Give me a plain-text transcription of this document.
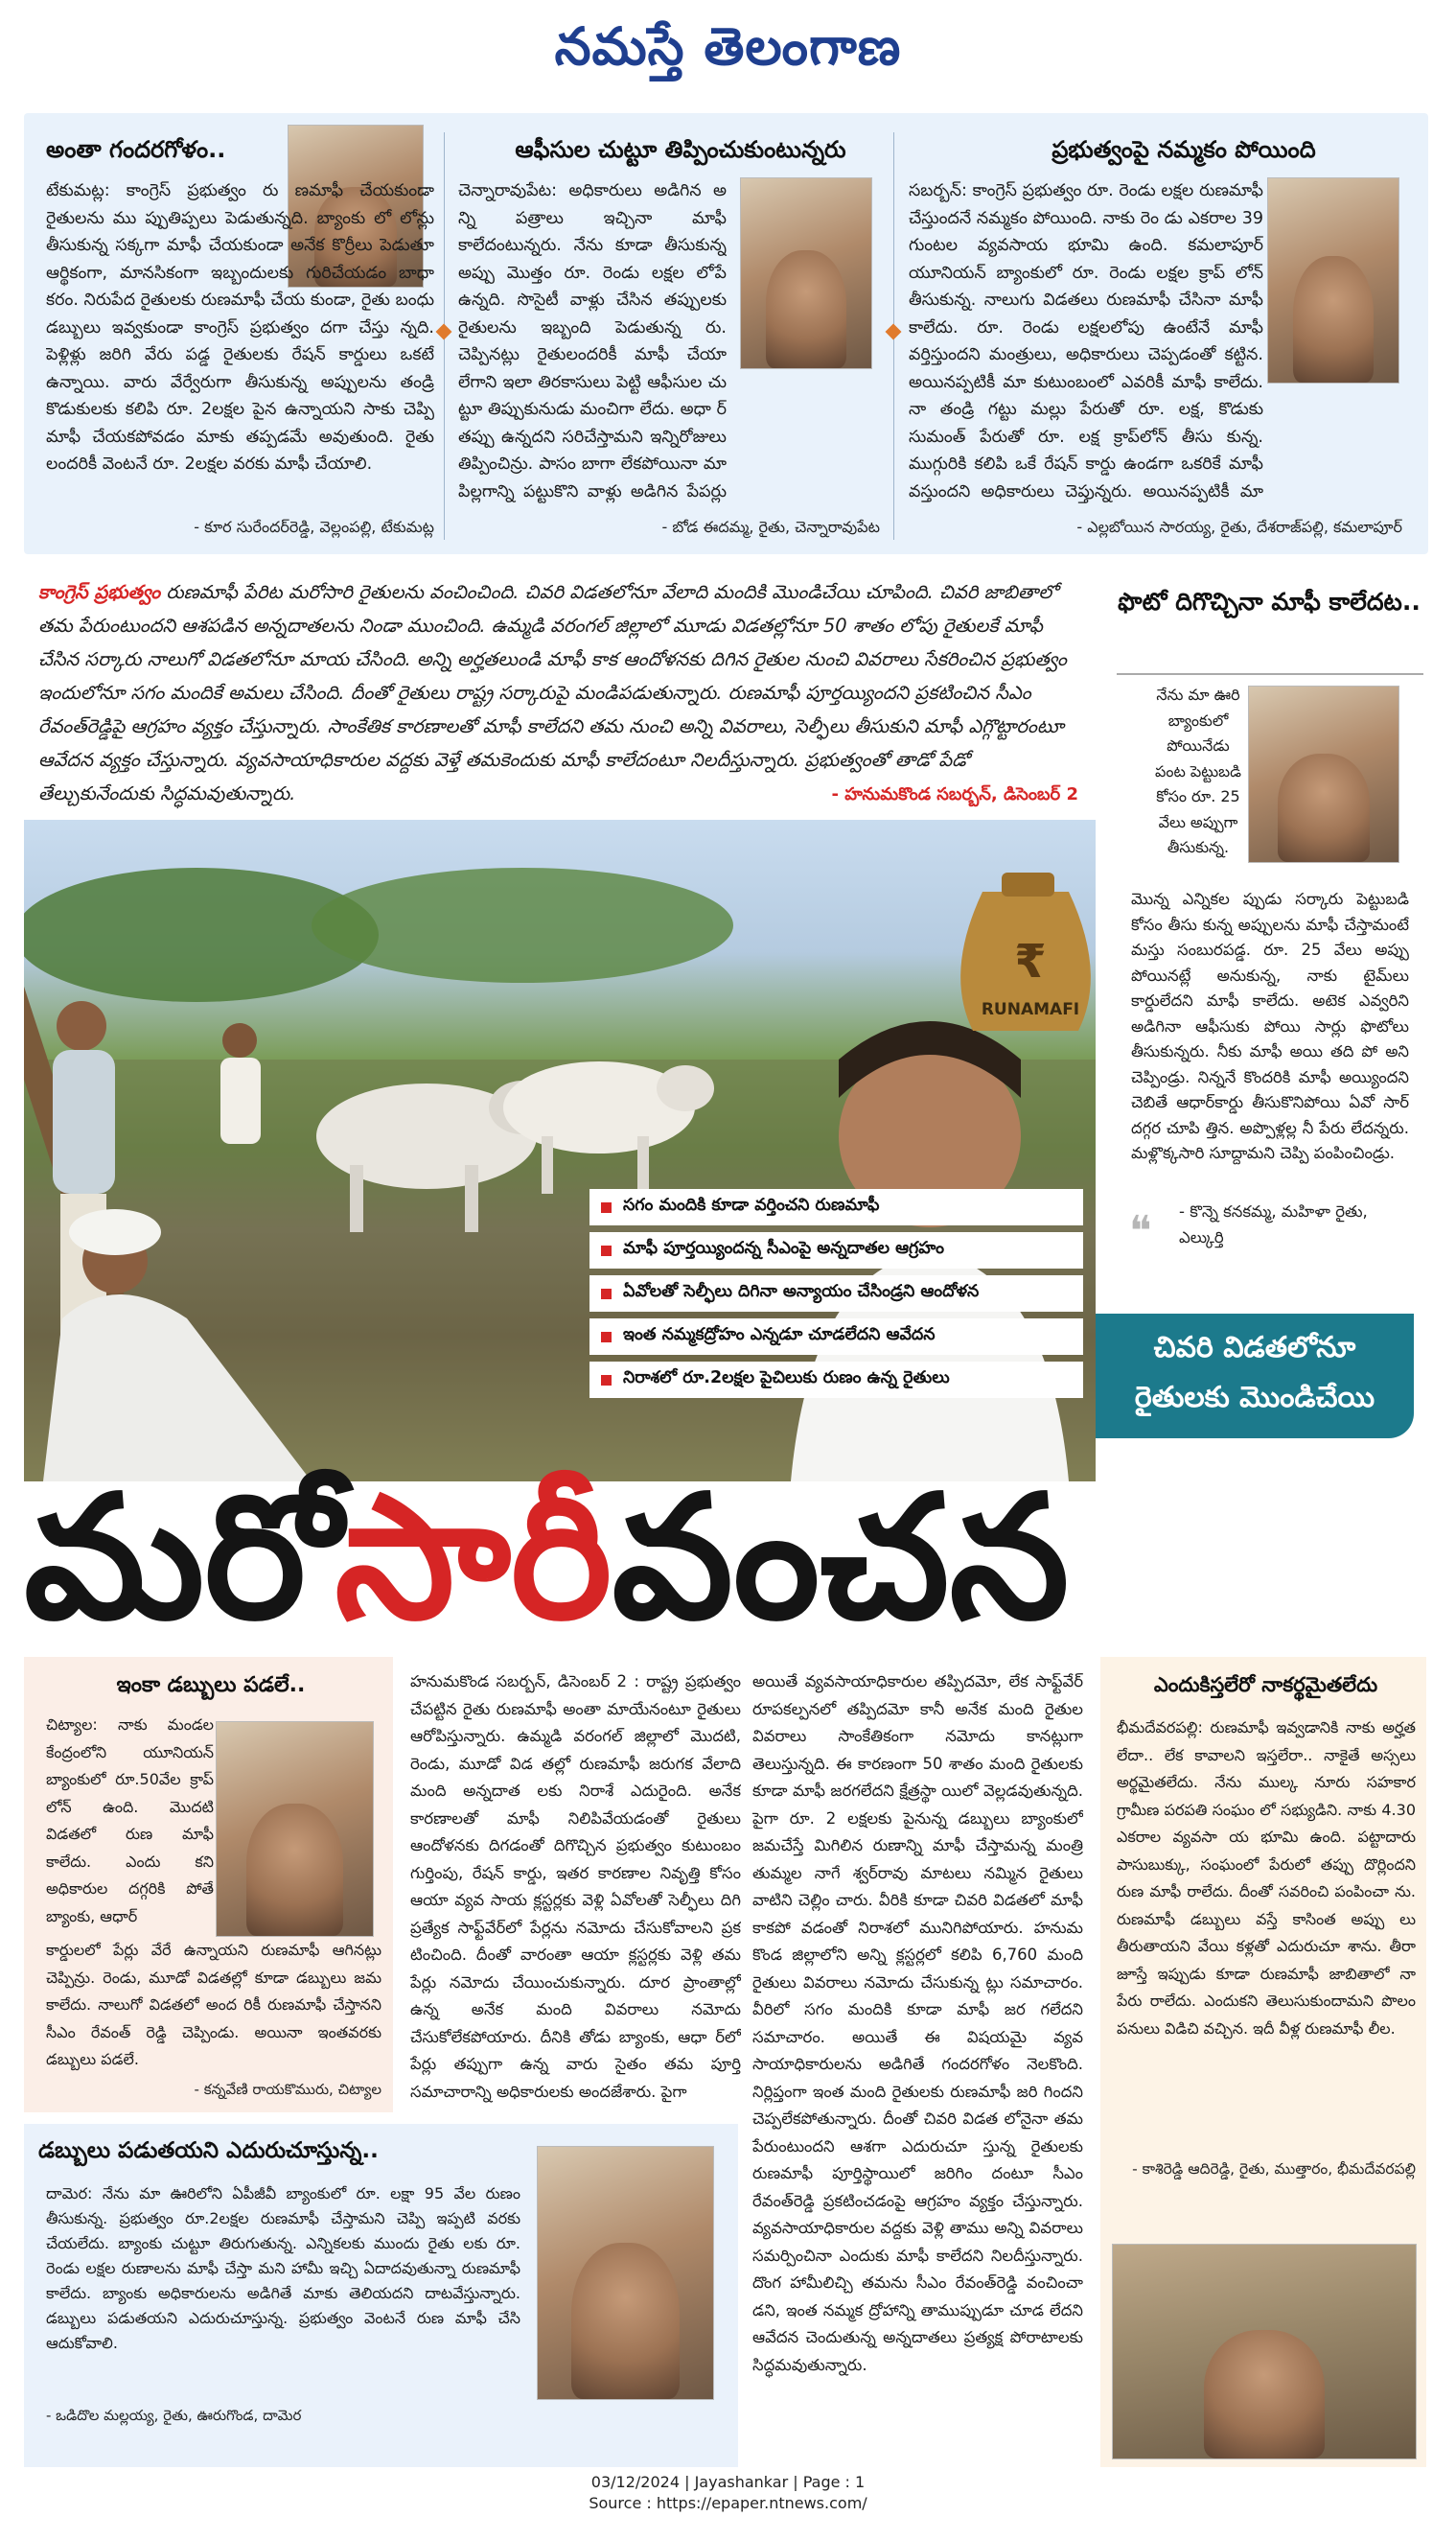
నమస్తే తెలంగాణ
అంతా గందరగోళం..
టేకుమట్ల: కాంగ్రెస్ ప్రభుత్వం రు ణమాఫీ చేయకుండా రైతులను ము ప్పుతిప్పలు పెడుతున్నది. బ్యాంకు లో లోన్లు తీసుకున్న సక్కగా మాఫీ చేయకుండా అనేక కొర్రీలు పెడుతూ ఆర్థికంగా, మానసికంగా ఇబ్బందులకు గురిచేయడం బాధా కరం. నిరుపేద రైతులకు రుణమాఫీ చేయ కుండా, రైతు బంధు డబ్బులు ఇవ్వకుండా కాంగ్రెస్ ప్రభుత్వం దగా చేస్తు న్నది. పెళ్లిళ్లు జరిగి వేరు పడ్డ రైతులకు రేషన్ కార్డులు ఒకటే ఉన్నాయి. వారు వేర్వేరుగా తీసుకున్న అప్పులను తండ్రి కొడుకులకు కలిపి రూ. 2లక్షల పైన ఉన్నాయని సాకు చెప్పి మాఫీ చేయకపోవడం మాకు తప్పడమే అవుతుంది. రైతు లందరికీ వెంటనే రూ. 2లక్షల వరకు మాఫీ చేయాలి.
- కూర సురేందర్‌రెడ్డి, వెల్లంపల్లి, టేకుమట్ల
ఆఫీసుల చుట్టూ తిప్పించుకుంటున్నరు
చెన్నారావుపేట: అధికారులు అడిగిన అ న్ని పత్రాలు ఇచ్చినా మాఫీ కాలేదంటున్నరు. నేను కూడా తీసుకున్న అప్పు మొత్తం రూ. రెండు లక్షల లోపే ఉన్నది. సొసైటీ వాళ్లు చేసిన తప్పులకు రైతులను ఇబ్బంది పెడుతున్న రు. చెప్పినట్లు రైతులందరికీ మాఫీ చేయా లేగాని ఇలా తిరకాసులు పెట్టి ఆఫీసుల చు ట్టూ తిప్పుకునుడు మంచిగా లేదు. అధా ర్ తప్పు ఉన్నదని సరిచేస్తామని ఇన్నిరోజులు తిప్పించిన్రు. పాసం బాగా లేకపోయినా మా పిల్లగాన్ని పట్టుకొని వాళ్లు అడిగిన పేపర్లు
- బోడ ఈదమ్మ, రైతు, చెన్నారావుపేట
ప్రభుత్వంపై నమ్మకం పోయింది
సబర్బన్: కాంగ్రెస్ ప్రభుత్వం రూ. రెండు లక్షల రుణమాఫీ చేస్తుందనే నమ్మకం పోయింది. నాకు రెం డు ఎకరాల 39 గుంటల వ్యవసాయ భూమి ఉంది. కమలాపూర్ యూనియన్ బ్యాంకులో రూ. రెండు లక్షల క్రాప్ లోన్ తీసుకున్న. నాలుగు విడతలు రుణమాఫీ చేసినా మాఫీ కాలేదు. రూ. రెండు లక్షలలోపు ఉంటేనే మాఫీ వర్తిస్తుందని మంత్రులు, అధికారులు చెప్పడంతో కట్టిన. అయినప్పటికీ మా కుటుంబంలో ఎవరికీ మాఫీ కాలేదు. నా తండ్రి గట్టు మల్లు పేరుతో రూ. లక్ష, కొడుకు సుమంత్ పేరుతో రూ. లక్ష క్రాప్‌లోన్ తీసు కున్న. ముగ్గురికి కలిపి ఒకే రేషన్ కార్డు ఉండగా ఒకరికే మాఫీ వస్తుందని అధికారులు చెప్తున్నరు. అయినప్పటికీ మా
- ఎల్లబోయిన సారయ్య, రైతు, దేశరాజ్‌పల్లి, కమలాపూర్
కాంగ్రెస్ ప్రభుత్వం రుణమాఫీ పేరిట మరోసారి రైతులను వంచించింది. చివరి విడతలోనూ వేలాది మందికి మొండిచేయి చూపింది. చివరి జాబితాలో తమ పేరుంటుందని ఆశపడిన అన్నదాతలను నిండా ముంచింది. ఉమ్మడి వరంగల్ జిల్లాలో మూడు విడతల్లోనూ 50 శాతం లోపు రైతులకే మాఫీ చేసిన సర్కారు నాలుగో విడతలోనూ మాయ చేసింది. అన్ని అర్హతలుండి మాఫీ కాక ఆందోళనకు దిగిన రైతుల నుంచి వివరాలు సేకరించిన ప్రభుత్వం ఇందులోనూ సగం మందికే అమలు చేసింది. దీంతో రైతులు రాష్ట్ర సర్కారుపై మండిపడుతున్నారు. రుణమాఫీ పూర్తయ్యిందని ప్రకటించిన సీఎం రేవంత్‌రెడ్డిపై ఆగ్రహం వ్యక్తం చేస్తున్నారు. సాంకేతిక కారణాలతో మాఫీ కాలేదని తమ నుంచి అన్ని వివరాలు, సెల్ఫీలు తీసుకుని మాఫీ ఎగ్గొట్టారంటూ ఆవేదన వ్యక్తం చేస్తున్నారు. వ్యవసాయాధికారుల వద్దకు వెళ్తే తమకెందుకు మాఫీ కాలేదంటూ నిలదీస్తున్నారు. ప్రభుత్వంతో తాడో పేడో తేల్చుకునేందుకు సిద్ధమవుతున్నారు.	- హనుమకొండ సబర్బన్, డిసెంబర్ 2
₹
RUNAMAFI
సగం మందికి కూడా వర్తించని రుణమాఫీ
మాఫీ పూర్తయ్యిందన్న సీఎంపై అన్నదాతల ఆగ్రహం
ఏవోలతో సెల్ఫీలు దిగినా అన్యాయం చేసిండ్రని ఆందోళన
ఇంత నమ్మకద్రోహం ఎన్నడూ చూడలేదని ఆవేదన
నిరాశలో రూ.2లక్షల పైచిలుకు రుణం ఉన్న రైతులు
ఫొటో దిగొచ్చినా మాఫీ కాలేదట..
నేను మా ఊరి బ్యాంకులో పోయినేడు పంట పెట్టుబడి కోసం రూ. 25 వేలు అప్పుగా తీసుకున్న.
మొన్న ఎన్నికల ప్పుడు సర్కారు పెట్టుబడి కోసం తీసు కున్న అప్పులను మాఫీ చేస్తామంటే మస్తు సంబురపడ్డ. రూ. 25 వేలు అప్పు పోయినట్లే అనుకున్న, నాకు టైమ్‌లు కార్డులేదని మాఫీ కాలేదు. అటెక ఎవ్వరిని అడిగినా ఆఫీసుకు పోయి సార్లు ఫొటోలు తీసుకున్నరు. నీకు మాఫీ అయి తది పో అని చెప్పిండ్రు. నిన్ననే కొందరికి మాఫీ అయ్యిందని చెబితే ఆధార్‌కార్డు తీసుకొనిపోయి ఏవో సార్ దగ్గర చూపి త్తిన. అప్పొళ్లల్ల నీ పేరు లేదన్నరు. మళ్లొక్కసారి సూద్దామని చెప్పి పంపించిండ్రు.
❝	- కొన్నె కనకమ్మ, మహిళా రైతు, ఎల్కుర్తి
చివరి విడతలోనూ
రైతులకు మొండిచేయి
మరోసారీవంచన
ఇంకా డబ్బులు పడలే..
చిట్యాల: నాకు మండల కేంద్రంలోని యూనియన్ బ్యాంకులో రూ.50వేల క్రాప్ లోన్ ఉంది. మొదటి విడతలో రుణ మాఫీ కాలేదు. ఎందు కని అధికారుల దగ్గరికి పోతే బ్యాంకు, ఆధార్
కార్డులలో పేర్లు వేరే ఉన్నాయని రుణమాఫీ ఆగినట్లు చెప్పిన్రు. రెండు, మూడో విడతల్లో కూడా డబ్బులు జమ కాలేదు. నాలుగో విడతలో అంద రికీ రుణమాఫీ చేస్తానని సీఎం రేవంత్ రెడ్డి చెప్పిండు. అయినా ఇంతవరకు డబ్బులు పడలే.
- కన్నవేణి రాయకొమురు, చిట్యాల
డబ్బులు పడుతయని ఎదురుచూస్తున్న..
దామెర: నేను మా ఊరిలోని ఏపీజీవీ బ్యాంకులో రూ. లక్షా 95 వేల రుణం తీసుకున్న. ప్రభుత్వం రూ.2లక్షల రుణమాఫీ చేస్తామని చెప్పి ఇప్పటి వరకు చేయలేదు. బ్యాంకు చుట్టూ తిరుగుతున్న. ఎన్నికలకు ముందు రైతు లకు రూ. రెండు లక్షల రుణాలను మాఫీ చేస్తా మని హామీ ఇచ్చి ఏదాదవుతున్నా రుణమాఫీ కాలేదు. బ్యాంకు అధికారులను అడిగితే మాకు తెలియదని దాటవేస్తున్నారు. డబ్బులు పడుతయని ఎదురుచూస్తున్న. ప్రభుత్వం వెంటనే రుణ మాఫీ చేసి ఆదుకోవాలి.
- ఒడిదొల మల్లయ్య, రైతు, ఊరుగొండ, దామెర
హనుమకొండ సబర్బన్, డిసెంబర్ 2 : రాష్ట్ర ప్రభుత్వం చేపట్టిన రైతు రుణమాఫీ అంతా మాయేనంటూ రైతులు ఆరోపిస్తున్నారు. ఉమ్మడి వరంగల్ జిల్లాలో మొదటి, రెండు, మూడో విడ తల్లో రుణమాఫీ జరుగక వేలాది మంది అన్నదాత లకు నిరాశే ఎదురైంది. అనేక కారణాలతో మాఫీ నిలిపివేయడంతో రైతులు ఆందోళనకు దిగడంతో దిగొచ్చిన ప్రభుత్వం కుటుంబం గుర్తింపు, రేషన్ కార్డు, ఇతర కారణాల నివృత్తి కోసం ఆయా వ్యవ సాయ క్లస్టర్లకు వెళ్లి ఏవోలతో సెల్ఫీలు దిగి ప్రత్యేక సాఫ్ట్‌వేర్‌లో పేర్లను నమోదు చేసుకోవాలని ప్రక టించింది. దీంతో వారంతా ఆయా క్లస్టర్లకు వెళ్లి తమ పేర్లు నమోదు చేయించుకున్నారు. దూర ప్రాంతాల్లో ఉన్న అనేక మంది వివరాలు నమోదు చేసుకోలేకపోయారు. దీనికి తోడు బ్యాంకు, ఆధా ర్‌లో పేర్లు తప్పుగా ఉన్న వారు సైతం తమ పూర్తి సమాచారాన్ని అధికారులకు అందజేశారు. పైగా
అయితే వ్యవసాయాధికారుల తప్పిదమో, లేక సాఫ్ట్‌వేర్ రూపకల్పనలో తప్పిదమో కానీ అనేక మంది రైతుల వివరాలు సాంకేతికంగా నమోదు కానట్లుగా తెలుస్తున్నది. ఈ కారణంగా 50 శాతం మంది రైతులకు కూడా మాఫీ జరగలేదని క్షేత్రస్థా యిలో వెల్లడవుతున్నది. పైగా రూ. 2 లక్షలకు పైనున్న డబ్బులు బ్యాంకులో జమచేస్తే మిగిలిన రుణాన్ని మాఫీ చేస్తామన్న మంత్రి తుమ్మల నాగే శ్వర్‌రావు మాటలు నమ్మిన రైతులు వాటిని చెల్లిం చారు. వీరికి కూడా చివరి విడతలో మాఫీ కాకపో వడంతో నిరాశలో మునిగిపోయారు. హనుమ కొండ జిల్లాలోని అన్ని క్లస్టర్లలో కలిపి 6,760 మంది రైతులు వివరాలు నమోదు చేసుకున్న ట్లు సమాచారం. వీరిలో సగం మందికి కూడా మాఫీ జర గలేదని సమాచారం. అయితే ఈ విషయమై వ్యవ సాయాధికారులను అడిగితే గందరగోళం నెలకొంది. నిర్లిప్తంగా ఇంత మంది రైతులకు రుణమాఫీ జరి గిందని చెప్పలేకపోతున్నారు. దీంతో చివరి విడత లోనైనా తమ పేరుంటుందని ఆశగా ఎదురుచూ స్తున్న రైతులకు రుణమాఫీ పూర్తిస్థాయిలో జరిగిం దంటూ సీఎం రేవంత్‌రెడ్డి ప్రకటించడంపై ఆగ్రహం వ్యక్తం చేస్తున్నారు. వ్యవసాయాధికారుల వద్దకు వెళ్లి తాము అన్ని వివరాలు సమర్పించినా ఎందుకు మాఫీ కాలేదని నిలదీస్తున్నారు. దొంగ హామీలిచ్చి తమను సీఎం రేవంత్‌రెడ్డి వంచించా డని, ఇంత నమ్మక ద్రోహాన్ని తాముప్పుడూ చూడ లేదని ఆవేదన చెందుతున్న అన్నదాతలు ప్రత్యక్ష పోరాటాలకు సిద్ధమవుతున్నారు.
ఎందుకిస్తలేరో నాకర్థమైతలేదు
భీమదేవరపల్లి: రుణమాఫీ ఇవ్వడానికి నాకు అర్హత లేదా.. లేక కావాలని ఇస్తలేరా.. నాకైతే అస్సలు అర్థమైతలేదు. నేను ముల్క నూరు సహకార గ్రామీణ పరపతి సంఘం లో సభ్యుడిని. నాకు 4.30 ఎకరాల వ్యవసా య భూమి ఉంది. పట్టాదారు పాసుబుక్కు, సంఘంలో పేరులో తప్పు దొర్లిందని రుణ మాఫీ రాలేదు. దీంతో సవరించి పంపించా ను. రుణమాఫీ డబ్బులు వస్తే కాసింత అప్పు లు తీరుతాయని వేయి కళ్లతో ఎదురుచూ శాను. తీరా జూస్తే ఇప్పుడు కూడా రుణమాఫీ జాబితాలో నా పేరు రాలేదు. ఎందుకని తెలుసుకుందామని పొలం పనులు విడిచి వచ్చిన. ఇదీ వీళ్ల రుణమాఫీ లీల.
- కాశిరెడ్డి ఆదిరెడ్డి, రైతు, ముత్తారం, భీమదేవరపల్లి
03/12/2024 | Jayashankar | Page : 1
Source : https://epaper.ntnews.com/
